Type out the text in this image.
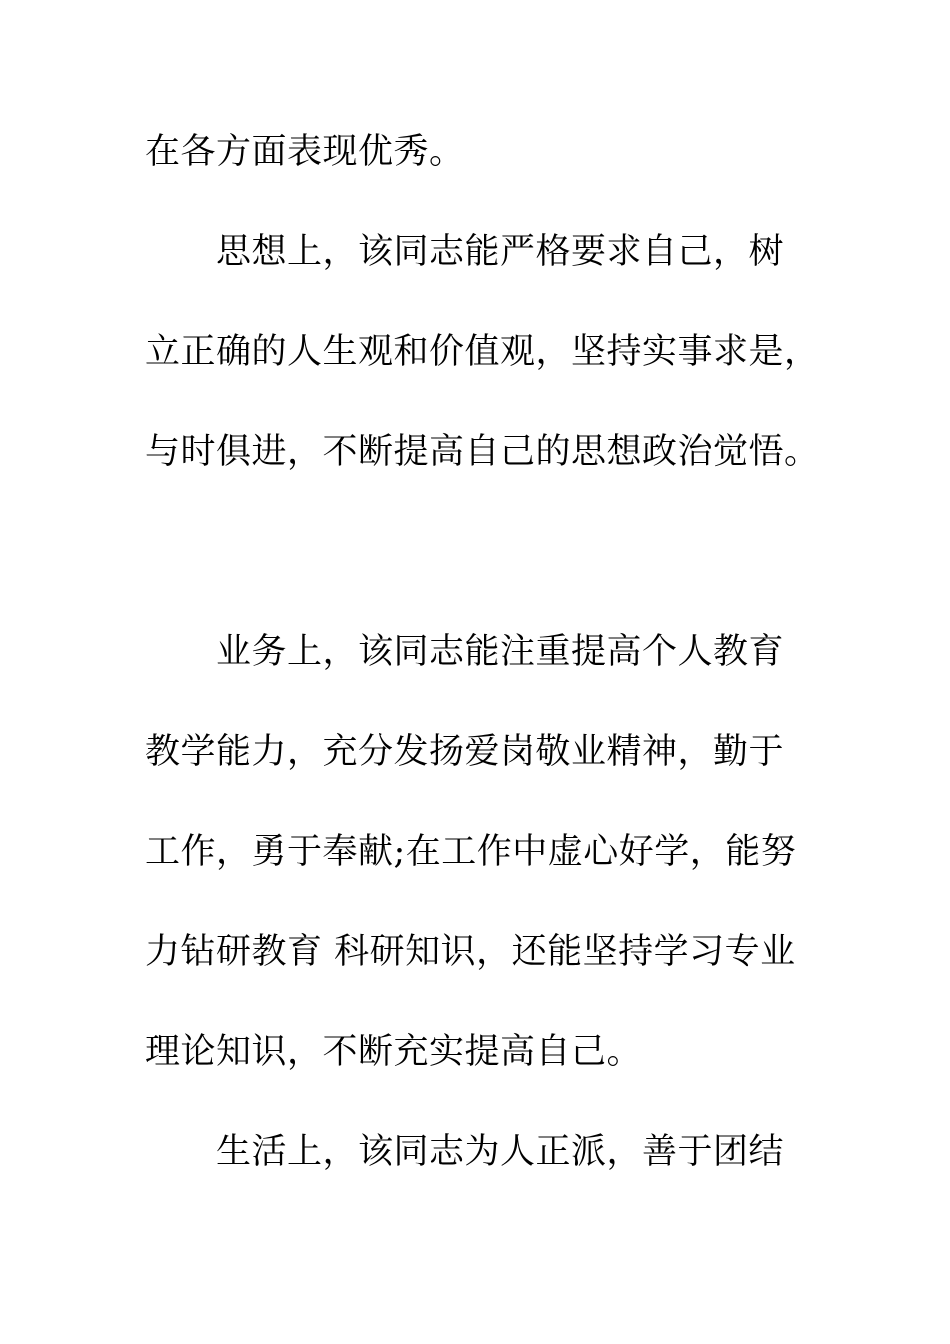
在各方面表现优秀。
　　思想上，该同志能严格要求自己，树
立正确的人生观和价值观，坚持实事求是，
与时俱进，不断提高自己的思想政治觉悟。
　　业务上，该同志能注重提高个人教育
教学能力，充分发扬爱岗敬业精神，勤于
工作，勇于奉献;在工作中虚心好学，能努
力钻研教育 科研知识，还能坚持学习专业
理论知识，不断充实提高自己。
　　生活上，该同志为人正派，善于团结
